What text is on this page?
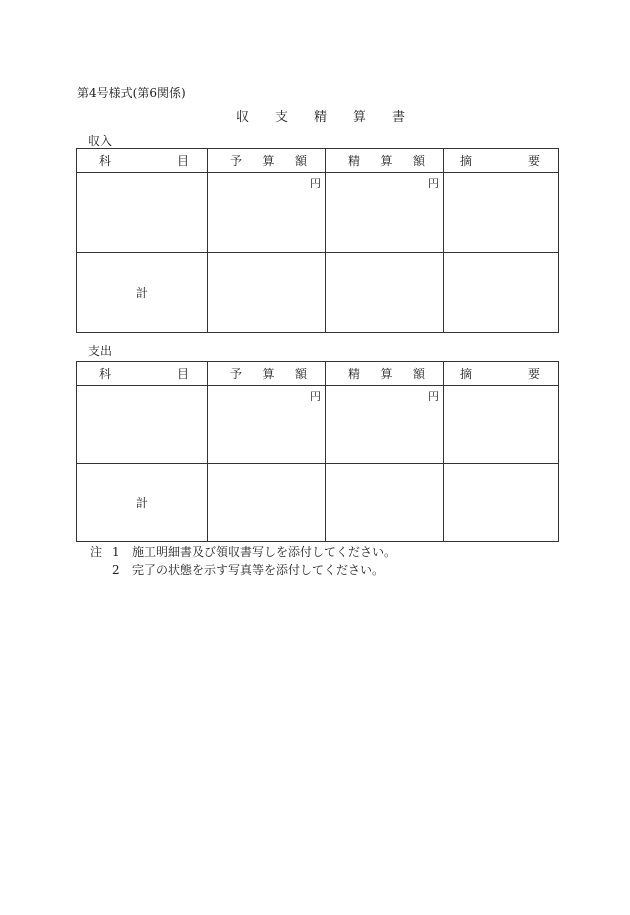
第4号様式(第6関係)
収支精算書
収入
科 目	予 算 額	精 算 額	摘 要

	円	円	

計			
支出
科 目	予 算 額	精 算 額	摘 要

	円	円	

計			
注 1	施工明細書及び領収書写しを添付してください。
2	完了の状態を示す写真等を添付してください。
